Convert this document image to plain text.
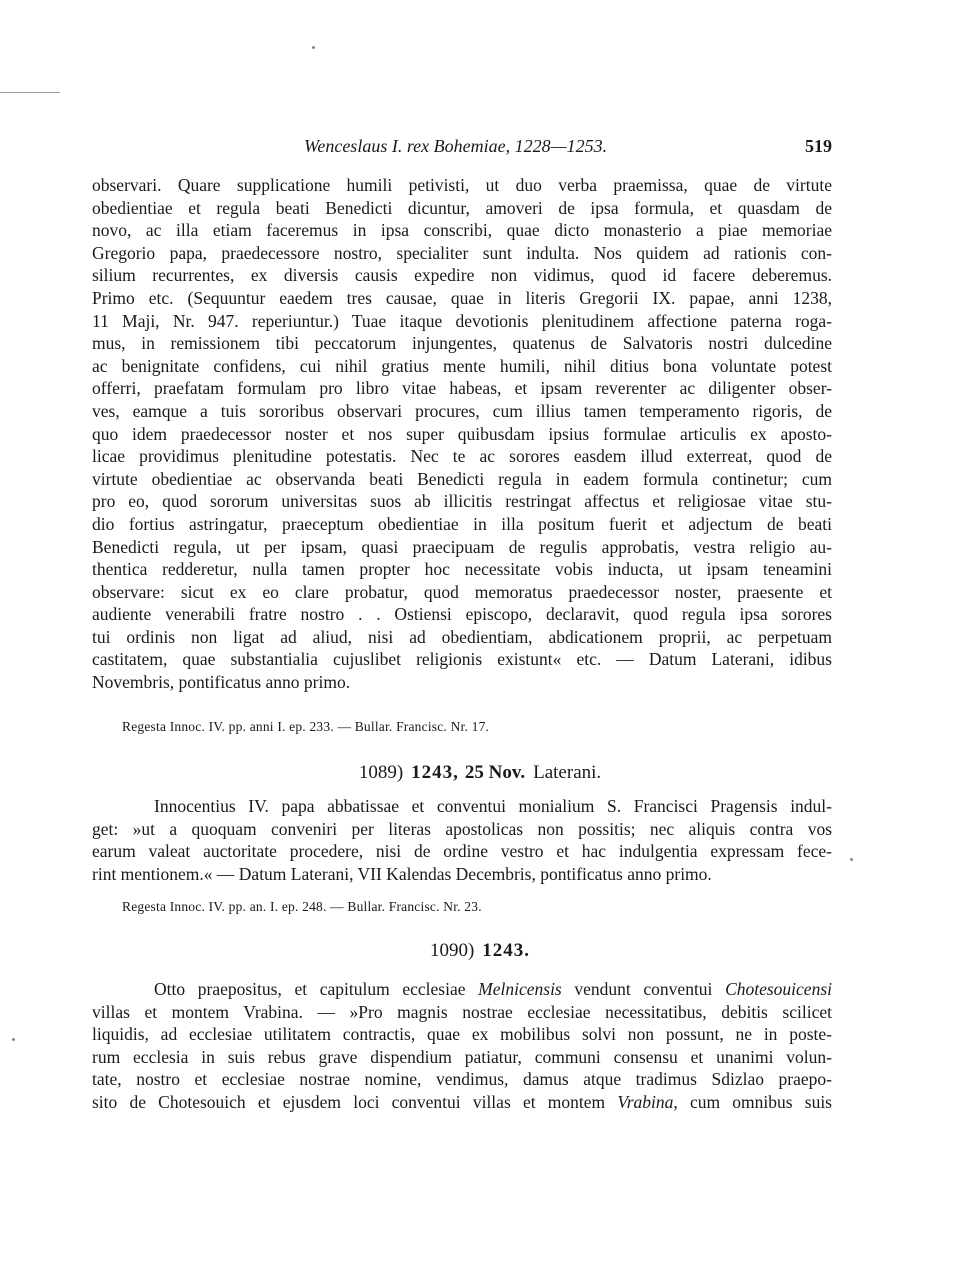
Wenceslaus I. rex Bohemiae, 1228—1253.	519
observari. Quare supplicatione humili petivisti, ut duo verba praemissa, quae de virtute
obedientiae et regula beati Benedicti dicuntur, amoveri de ipsa formula, et quasdam de
novo, ac illa etiam faceremus in ipsa conscribi, quae dicto monasterio a piae memoriae
Gregorio papa, praedecessore nostro, specialiter sunt indulta. Nos quidem ad rationis con-
silium recurrentes, ex diversis causis expedire non vidimus, quod id facere deberemus.
Primo etc. (Sequuntur eaedem tres causae, quae in literis Gregorii IX. papae, anni 1238,
11 Maji, Nr. 947. reperiuntur.) Tuae itaque devotionis plenitudinem affectione paterna roga-
mus, in remissionem tibi peccatorum injungentes, quatenus de Salvatoris nostri dulcedine
ac benignitate confidens, cui nihil gratius mente humili, nihil ditius bona voluntate potest
offerri, praefatam formulam pro libro vitae habeas, et ipsam reverenter ac diligenter obser-
ves, eamque a tuis sororibus observari procures, cum illius tamen temperamento rigoris, de
quo idem praedecessor noster et nos super quibusdam ipsius formulae articulis ex aposto-
licae providimus plenitudine potestatis. Nec te ac sorores easdem illud exterreat, quod de
virtute obedientiae ac observanda beati Benedicti regula in eadem formula continetur; cum
pro eo, quod sororum universitas suos ab illicitis restringat affectus et religiosae vitae stu-
dio fortius astringatur, praeceptum obedientiae in illa positum fuerit et adjectum de beati
Benedicti regula, ut per ipsam, quasi praecipuam de regulis approbatis, vestra religio au-
thentica redderetur, nulla tamen propter hoc necessitate vobis inducta, ut ipsam teneamini
observare: sicut ex eo clare probatur, quod memoratus praedecessor noster, praesente et
audiente venerabili fratre nostro . . Ostiensi episcopo, declaravit, quod regula ipsa sorores
tui ordinis non ligat ad aliud, nisi ad obedientiam, abdicationem proprii, ac perpetuam
castitatem, quae substantialia cujuslibet religionis existunt« etc. — Datum Laterani, idibus
Novembris, pontificatus anno primo.
Regesta Innoc. IV. pp. anni I. ep. 233. — Bullar. Francisc. Nr. 17.
1089) 1243, 25 Nov. Laterani.
Innocentius IV. papa abbatissae et conventui monialium S. Francisci Pragensis indul-
get: »ut a quoquam conveniri per literas apostolicas non possitis; nec aliquis contra vos
earum valeat auctoritate procedere, nisi de ordine vestro et hac indulgentia expressam fece-
rint mentionem.« — Datum Laterani, VII Kalendas Decembris, pontificatus anno primo.
Regesta Innoc. IV. pp. an. I. ep. 248. — Bullar. Francisc. Nr. 23.
1090) 1243.
Otto praepositus, et capitulum ecclesiae Melnicensis vendunt conventui Chotesouicensi
villas et montem Vrabina. — »Pro magnis nostrae ecclesiae necessitatibus, debitis scilicet
liquidis, ad ecclesiae utilitatem contractis, quae ex mobilibus solvi non possunt, ne in poste-
rum ecclesia in suis rebus grave dispendium patiatur, communi consensu et unanimi volun-
tate, nostro et ecclesiae nostrae nomine, vendimus, damus atque tradimus Sdizlao praepo-
sito de Chotesouich et ejusdem loci conventui villas et montem Vrabina, cum omnibus suis
